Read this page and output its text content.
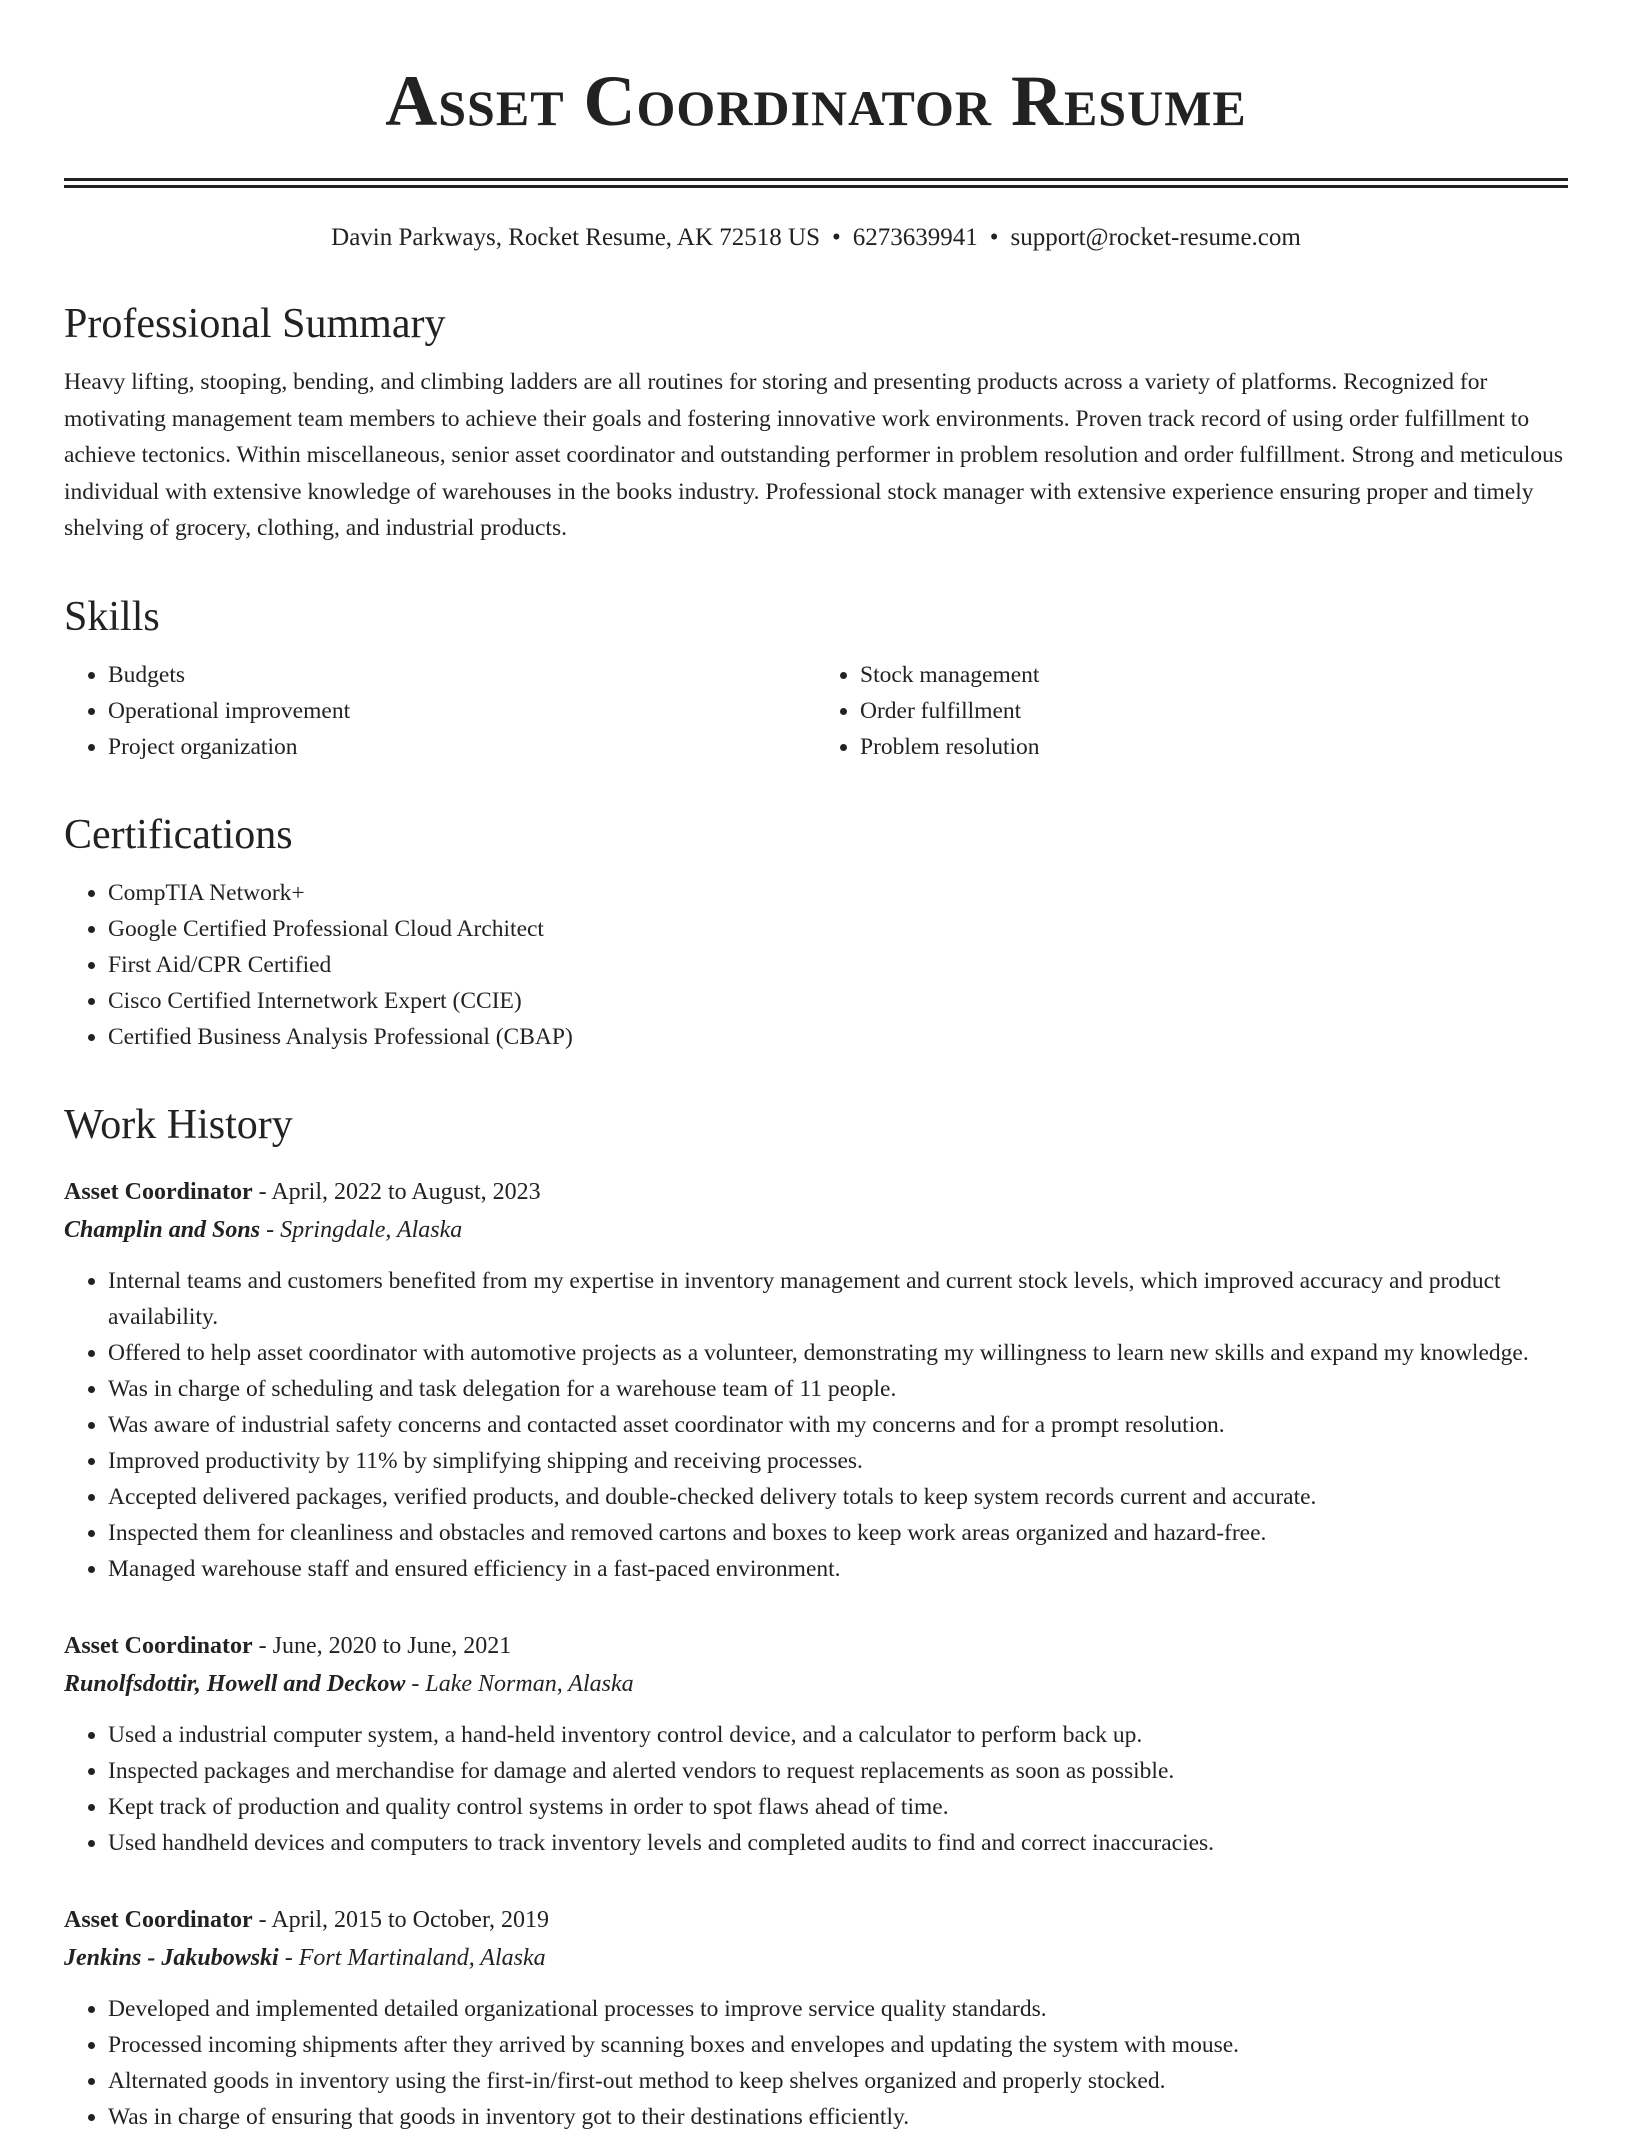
Asset Coordinator Resume
Davin Parkways, Rocket Resume, AK 72518 US • 6273639941 • support@rocket-resume.com
Professional Summary

Heavy lifting, stooping, bending, and climbing ladders are all routines for storing and presenting products across a variety of platforms. Recognized for motivating management team members to achieve their goals and fostering innovative work environments. Proven track record of using order fulfillment to achieve tectonics. Within miscellaneous, senior asset coordinator and outstanding performer in problem resolution and order fulfillment. Strong and meticulous individual with extensive knowledge of warehouses in the books industry. Professional stock manager with extensive experience ensuring proper and timely shelving of grocery, clothing, and industrial products.

Skills
• Budgets
• Operational improvement
• Project organization
• Stock management
• Order fulfillment
• Problem resolution
Certifications
• CompTIA Network+
• Google Certified Professional Cloud Architect
• First Aid/CPR Certified
• Cisco Certified Internetwork Expert (CCIE)
• Certified Business Analysis Professional (CBAP)
Work History
Asset Coordinator - April, 2022 to August, 2023
Champlin and Sons - Springdale, Alaska
• Internal teams and customers benefited from my expertise in inventory management and current stock levels, which improved accuracy and product availability.
• Offered to help asset coordinator with automotive projects as a volunteer, demonstrating my willingness to learn new skills and expand my knowledge.
• Was in charge of scheduling and task delegation for a warehouse team of 11 people.
• Was aware of industrial safety concerns and contacted asset coordinator with my concerns and for a prompt resolution.
• Improved productivity by 11% by simplifying shipping and receiving processes.
• Accepted delivered packages, verified products, and double-checked delivery totals to keep system records current and accurate.
• Inspected them for cleanliness and obstacles and removed cartons and boxes to keep work areas organized and hazard-free.
• Managed warehouse staff and ensured efficiency in a fast-paced environment.
Asset Coordinator - June, 2020 to June, 2021
Runolfsdottir, Howell and Deckow - Lake Norman, Alaska
• Used a industrial computer system, a hand-held inventory control device, and a calculator to perform back up.
• Inspected packages and merchandise for damage and alerted vendors to request replacements as soon as possible.
• Kept track of production and quality control systems in order to spot flaws ahead of time.
• Used handheld devices and computers to track inventory levels and completed audits to find and correct inaccuracies.
Asset Coordinator - April, 2015 to October, 2019
Jenkins - Jakubowski - Fort Martinaland, Alaska
• Developed and implemented detailed organizational processes to improve service quality standards.
• Processed incoming shipments after they arrived by scanning boxes and envelopes and updating the system with mouse.
• Alternated goods in inventory using the first-in/first-out method to keep shelves organized and properly stocked.
• Was in charge of ensuring that goods in inventory got to their destinations efficiently.
